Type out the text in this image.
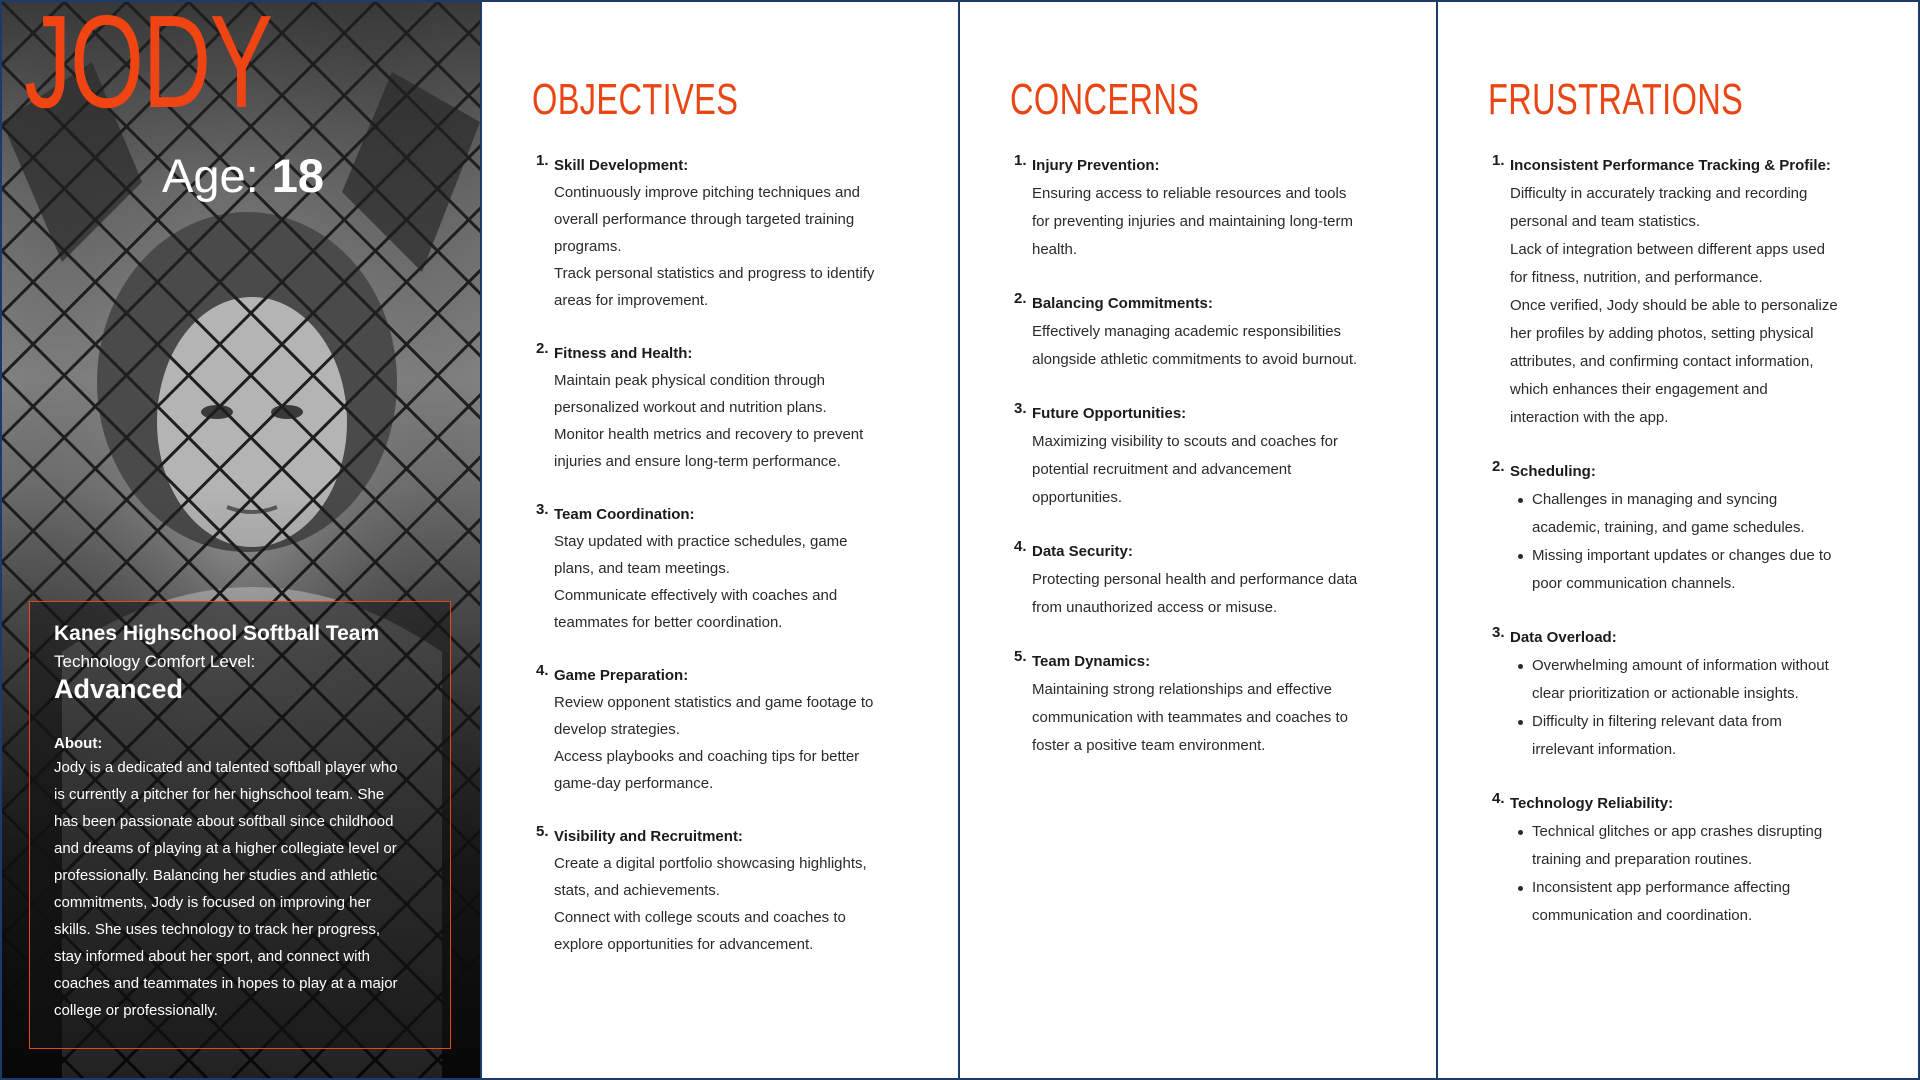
JODY
Age: 18

Kanes Highschool Softball Team

Technology Comfort Level:

Advanced

About:

Jody is a dedicated and talented softball player who
is currently a pitcher for her highschool team. She
has been passionate about softball since childhood
and dreams of playing at a higher collegiate level or
professionally. Balancing her studies and athletic
commitments, Jody is focused on improving her
skills. She uses technology to track her progress,
stay informed about her sport, and connect with
coaches and teammates in hopes to play at a major
college or professionally.

OBJECTIVES
1. Skill Development:
Continuously improve pitching techniques and
overall performance through targeted training
programs.
Track personal statistics and progress to identify
areas for improvement.
2. Fitness and Health:
Maintain peak physical condition through
personalized workout and nutrition plans.
Monitor health metrics and recovery to prevent
injuries and ensure long-term performance.
3. Team Coordination:
Stay updated with practice schedules, game
plans, and team meetings.
Communicate effectively with coaches and
teammates for better coordination.
4. Game Preparation:
Review opponent statistics and game footage to
develop strategies.
Access playbooks and coaching tips for better
game-day performance.
5. Visibility and Recruitment:
Create a digital portfolio showcasing highlights,
stats, and achievements.
Connect with college scouts and coaches to
explore opportunities for advancement.
CONCERNS
1. Injury Prevention:
Ensuring access to reliable resources and tools
for preventing injuries and maintaining long-term
health.
2. Balancing Commitments:
Effectively managing academic responsibilities
alongside athletic commitments to avoid burnout.
3. Future Opportunities:
Maximizing visibility to scouts and coaches for
potential recruitment and advancement
opportunities.
4. Data Security:
Protecting personal health and performance data
from unauthorized access or misuse.
5. Team Dynamics:
Maintaining strong relationships and effective
communication with teammates and coaches to
foster a positive team environment.
FRUSTRATIONS
1. Inconsistent Performance Tracking & Profile:
Difficulty in accurately tracking and recording
personal and team statistics.
Lack of integration between different apps used
for fitness, nutrition, and performance.
Once verified, Jody should be able to personalize
her profiles by adding photos, setting physical
attributes, and confirming contact information,
which enhances their engagement and
interaction with the app.
2. Scheduling:
Challenges in managing and syncing
academic, training, and game schedules.
Missing important updates or changes due to
poor communication channels.
3. Data Overload:
Overwhelming amount of information without
clear prioritization or actionable insights.
Difficulty in filtering relevant data from
irrelevant information.
4. Technology Reliability:
Technical glitches or app crashes disrupting
training and preparation routines.
Inconsistent app performance affecting
communication and coordination.
